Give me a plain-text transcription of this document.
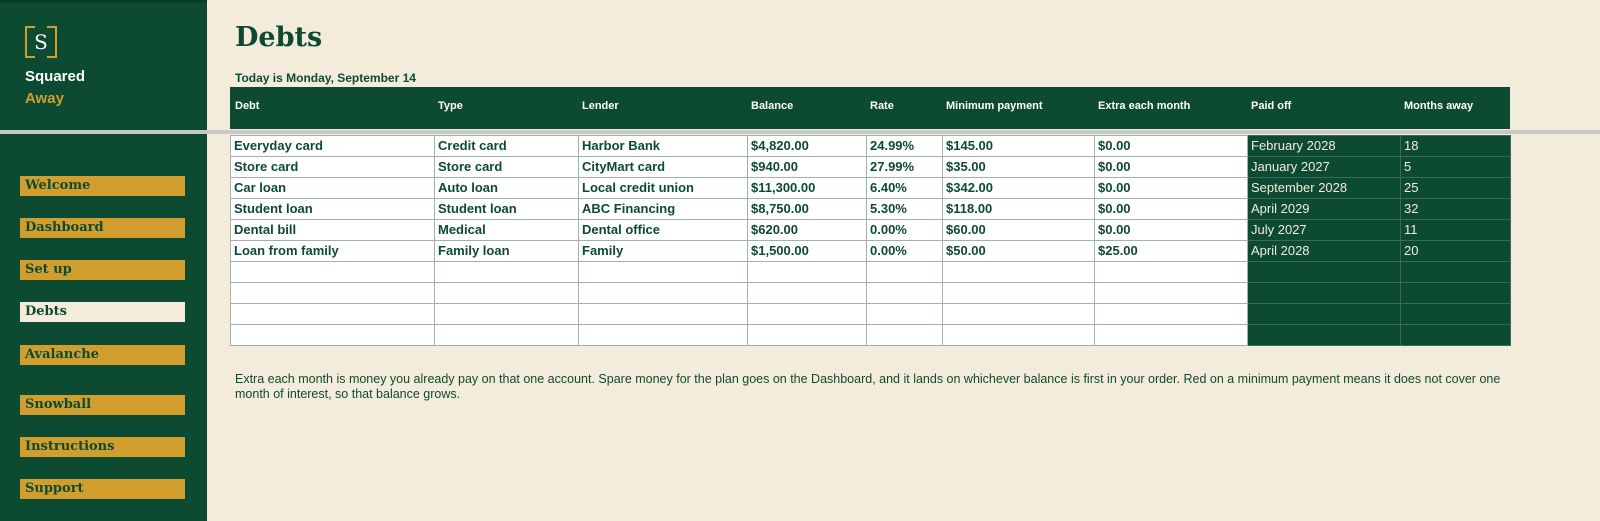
S
Squared
Away
Welcome
Dashboard
Set up
Debts
Avalanche
Snowball
Instructions
Support
Debts
Today is Monday, September 14
Debt	Type	Lender	Balance	Rate	Minimum payment	Extra each month	Paid off	Months away
Everyday card	Credit card	Harbor Bank	$4,820.00	24.99%	$145.00	$0.00	February 2028	18
Store card	Store card	CityMart card	$940.00	27.99%	$35.00	$0.00	January 2027	5
Car loan	Auto loan	Local credit union	$11,300.00	6.40%	$342.00	$0.00	September 2028	25
Student loan	Student loan	ABC Financing	$8,750.00	5.30%	$118.00	$0.00	April 2029	32
Dental bill	Medical	Dental office	$620.00	0.00%	$60.00	$0.00	July 2027	11
Loan from family	Family loan	Family	$1,500.00	0.00%	$50.00	$25.00	April 2028	20

Extra each month is money you already pay on that one account. Spare money for the plan goes on the Dashboard, and it lands on whichever balance is first in your order. Red on a minimum payment means it does not cover one month of interest, so that balance grows.
